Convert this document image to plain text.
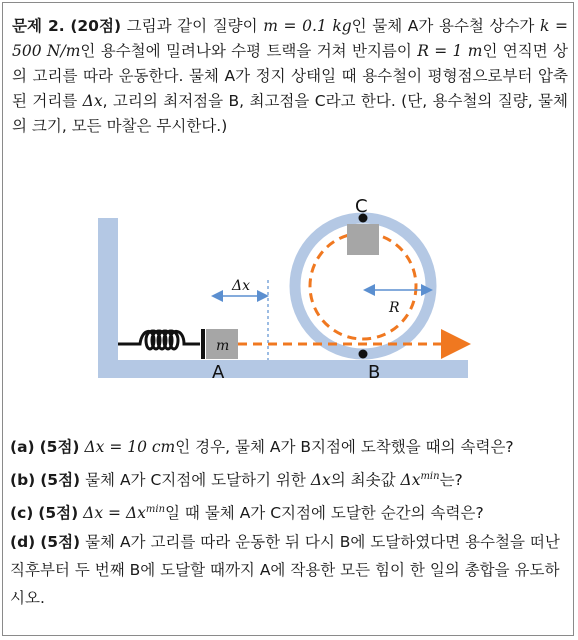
문제 2. (20점) 그림과 같이 질량이 m = 0.1 kg인 물체 A가 용수철 상수가 k = 500 N/m인 용수철에 밀려나와 수평 트랙을 거쳐 반지름이 R = 1 m인 연직면 상의 고리를 따라 운동한다. 물체 A가 정지 상태일 때 용수철이 평형점으로부터 압축된 거리를 Δx, 고리의 최저점을 B, 최고점을 C라고 한다. (단, 용수철의 질량, 물체의 크기, 모든 마찰은 무시한다.)
m
A
Δx
C
B
R

(a) (5점) Δx = 10 cm인 경우, 물체 A가 B지점에 도착했을 때의 속력은?

(b) (5점) 물체 A가 C지점에 도달하기 위한 Δx의 최솟값 $\Delta x^{min}$는?

(c) (5점) $\Delta x = \Delta x^{min}$일 때 물체 A가 C지점에 도달한 순간의 속력은?

(d) (5점) 물체 A가 고리를 따라 운동한 뒤 다시 B에 도달하였다면 용수철을 떠난 직후부터 두 번째 B에 도달할 때까지 A에 작용한 모든 힘이 한 일의 총합을 유도하시오.
